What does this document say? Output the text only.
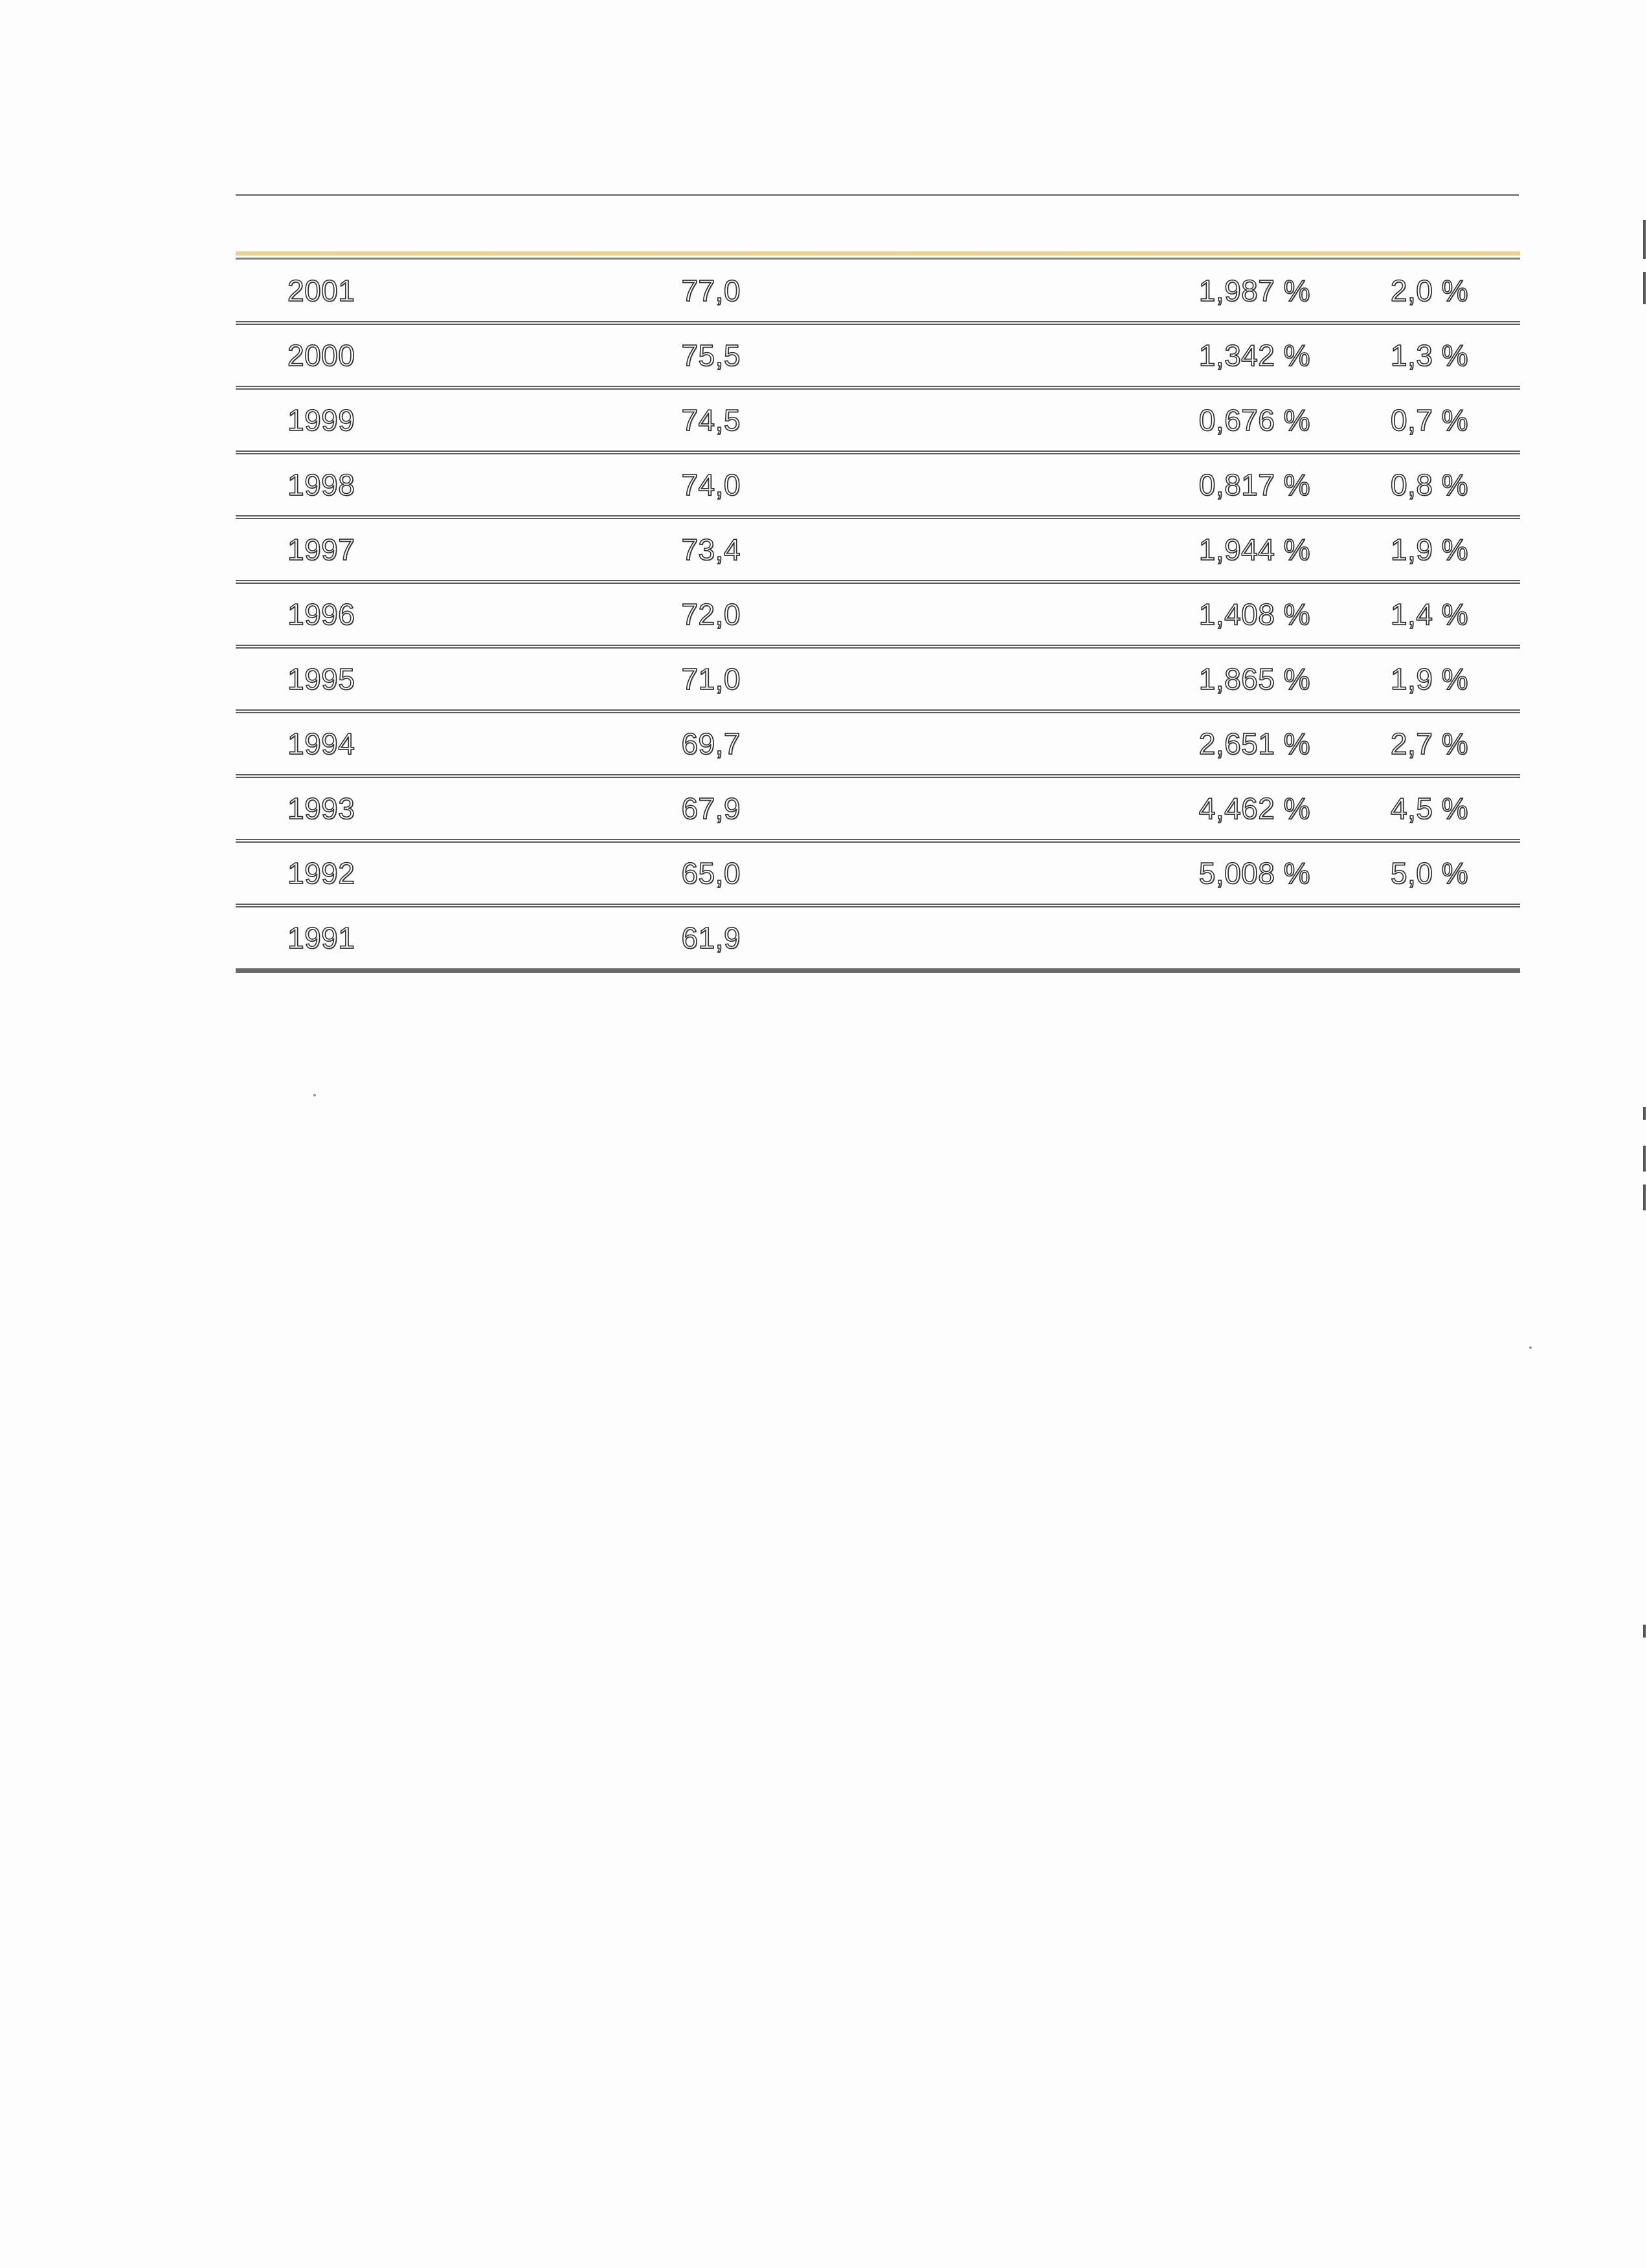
2001	77,0	1,987 %	2,0 %
2000	75,5	1,342 %	1,3 %
1999	74,5	0,676 %	0,7 %
1998	74,0	0,817 %	0,8 %
1997	73,4	1,944 %	1,9 %
1996	72,0	1,408 %	1,4 %
1995	71,0	1,865 %	1,9 %
1994	69,7	2,651 %	2,7 %
1993	67,9	4,462 %	4,5 %
1992	65,0	5,008 %	5,0 %
1991	61,9		
